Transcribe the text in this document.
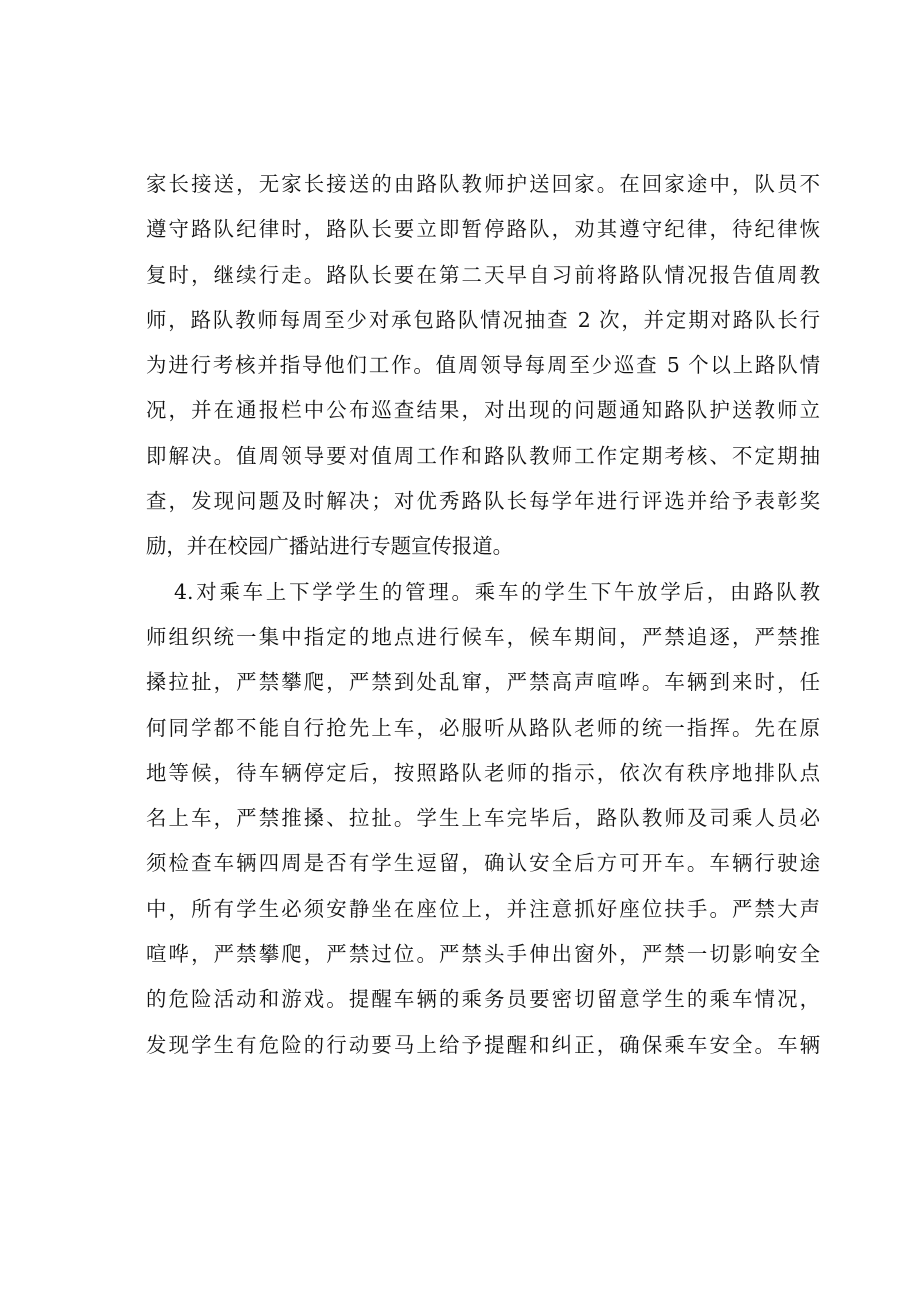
家长接送，无家长接送的由路队教师护送回家。在回家途中，队员不
遵守路队纪律时，路队长要立即暂停路队，劝其遵守纪律，待纪律恢
复时，继续行走。路队长要在第二天早自习前将路队情况报告值周教
师，路队教师每周至少对承包路队情况抽查 2 次，并定期对路队长行
为进行考核并指导他们工作。值周领导每周至少巡查 5 个以上路队情
况，并在通报栏中公布巡查结果，对出现的问题通知路队护送教师立
即解决。值周领导要对值周工作和路队教师工作定期考核、不定期抽
查，发现问题及时解决；对优秀路队长每学年进行评选并给予表彰奖
励，并在校园广播站进行专题宣传报道。
4.对乘车上下学学生的管理。乘车的学生下午放学后，由路队教
师组织统一集中指定的地点进行候车，候车期间，严禁追逐，严禁推
搡拉扯，严禁攀爬，严禁到处乱窜，严禁高声喧哗。车辆到来时，任
何同学都不能自行抢先上车，必服听从路队老师的统一指挥。先在原
地等候，待车辆停定后，按照路队老师的指示，依次有秩序地排队点
名上车，严禁推搡、拉扯。学生上车完毕后，路队教师及司乘人员必
须检查车辆四周是否有学生逗留，确认安全后方可开车。车辆行驶途
中，所有学生必须安静坐在座位上，并注意抓好座位扶手。严禁大声
喧哗，严禁攀爬，严禁过位。严禁头手伸出窗外，严禁一切影响安全
的危险活动和游戏。提醒车辆的乘务员要密切留意学生的乘车情况，
发现学生有危险的行动要马上给予提醒和纠正，确保乘车安全。车辆
